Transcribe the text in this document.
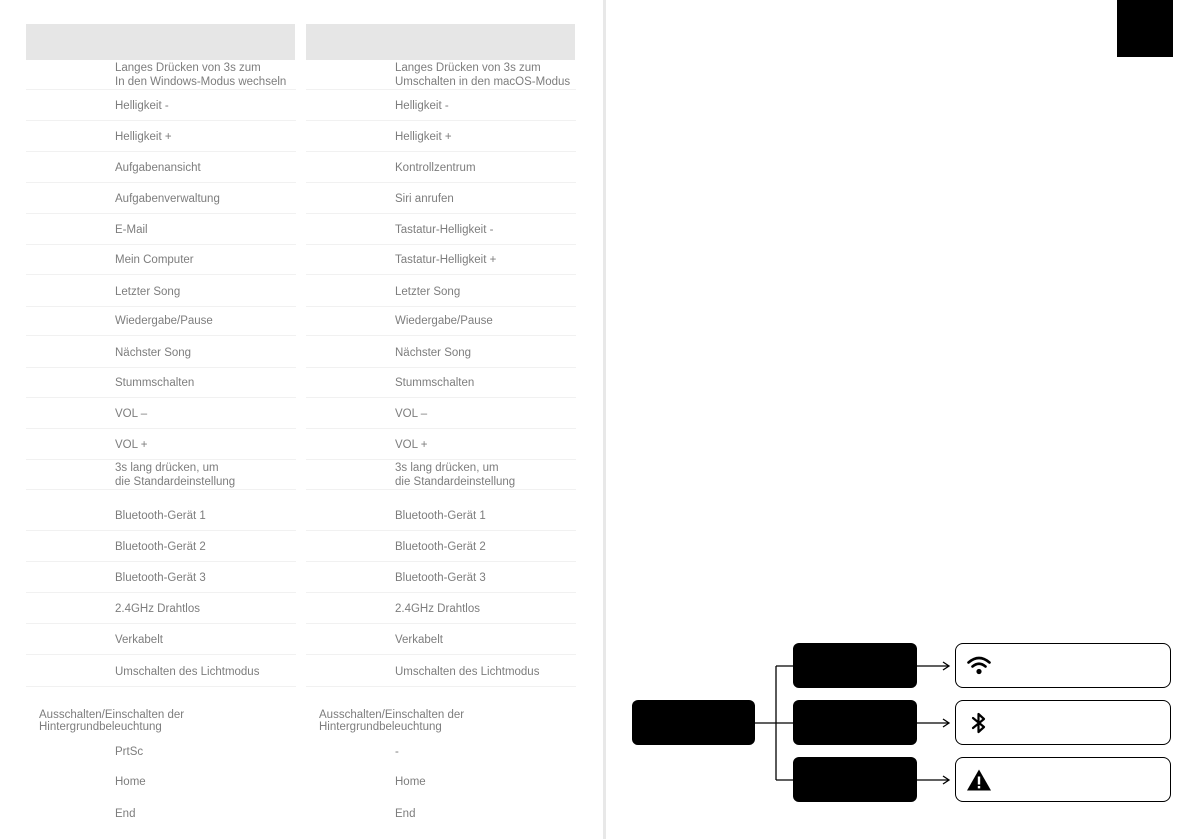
Langes Drücken von 3s zum
In den Windows-Modus wechseln
Helligkeit -
Helligkeit +
Aufgabenansicht
Aufgabenverwaltung
E-Mail
Mein Computer
Letzter Song
Wiedergabe/Pause
Nächster Song
Stummschalten
VOL –
VOL +
3s lang drücken, um
die Standardeinstellung
Bluetooth-Gerät 1
Bluetooth-Gerät 2
Bluetooth-Gerät 3
2.4GHz Drahtlos
Verkabelt
Umschalten des Lichtmodus
Ausschalten/Einschalten der
Hintergrundbeleuchtung
PrtSc
Home
End
Langes Drücken von 3s zum
Umschalten in den macOS-Modus
Helligkeit -
Helligkeit +
Kontrollzentrum
Siri anrufen
Tastatur-Helligkeit -
Tastatur-Helligkeit +
Letzter Song
Wiedergabe/Pause
Nächster Song
Stummschalten
VOL –
VOL +
3s lang drücken, um
die Standardeinstellung
Bluetooth-Gerät 1
Bluetooth-Gerät 2
Bluetooth-Gerät 3
2.4GHz Drahtlos
Verkabelt
Umschalten des Lichtmodus
Ausschalten/Einschalten der
Hintergrundbeleuchtung
-
Home
End
